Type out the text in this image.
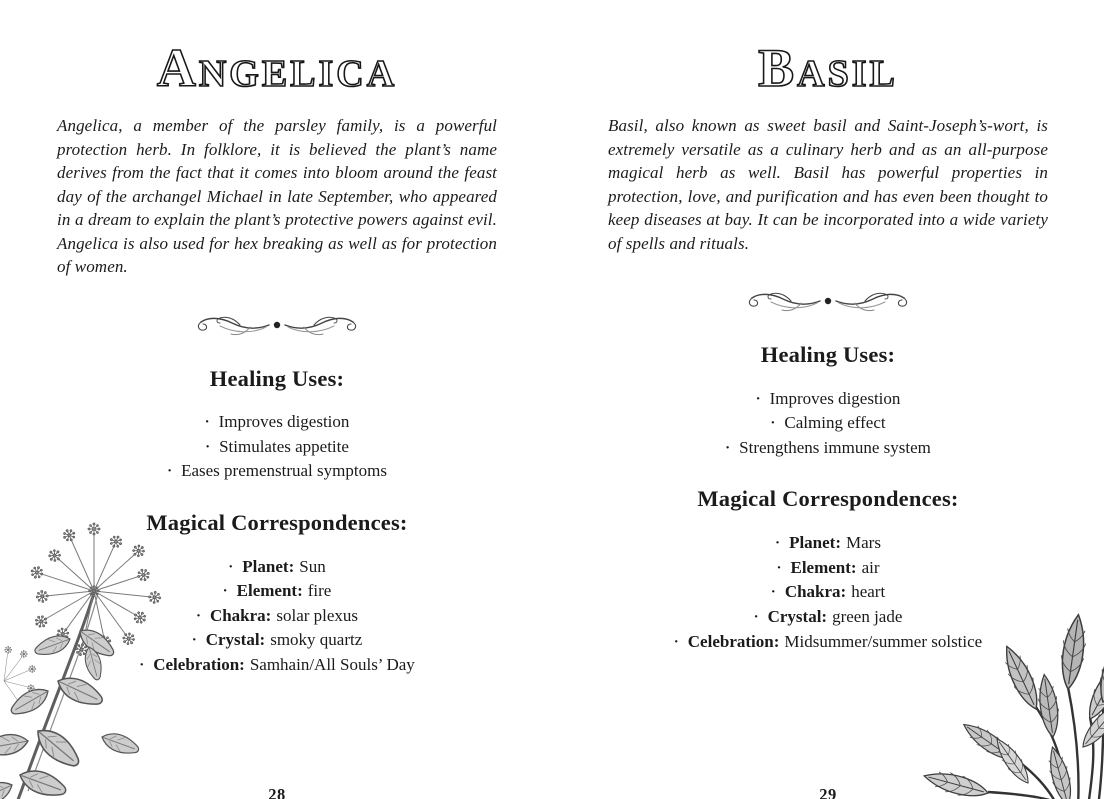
ANGELICA

Angelica, a member of the parsley family, is a powerful protection herb. In folklore, it is believed the plant’s name derives from the fact that it comes into bloom around the feast day of the archangel Michael in late September, who appeared in a dream to explain the plant’s protective powers against evil. Angelica is also used for hex breaking as well as for protection of women.

Healing Uses:
· Improves digestion
· Stimulates appetite
· Eases premenstrual symptoms
Magical Correspondences:
· Planet: Sun
· Element: fire
· Chakra: solar plexus
· Crystal: smoky quartz
· Celebration: Samhain/All Souls’ Day
28
BASIL

Basil, also known as sweet basil and Saint-Joseph’s-wort, is extremely versatile as a culinary herb and as an all-purpose magical herb as well. Basil has powerful properties in protection, love, and purification and has even been thought to keep diseases at bay. It can be incorporated into a wide variety of spells and rituals.

Healing Uses:
· Improves digestion
· Calming effect
· Strengthens immune system
Magical Correspondences:
· Planet: Mars
· Element: air
· Chakra: heart
· Crystal: green jade
· Celebration: Midsummer/summer solstice
29
